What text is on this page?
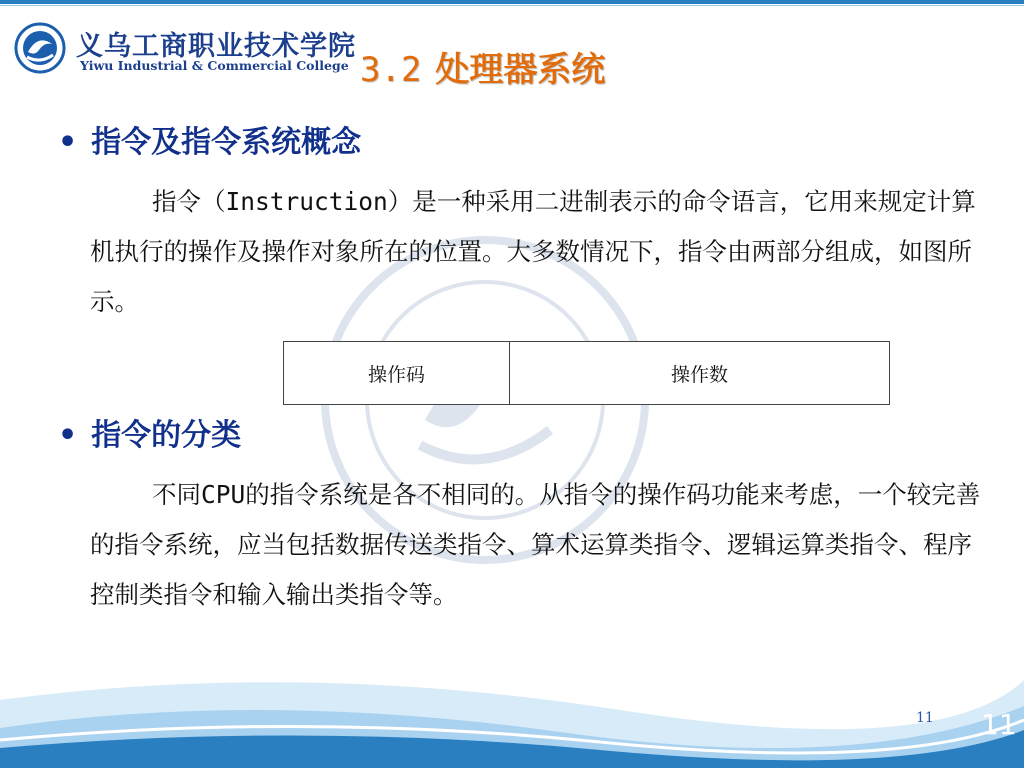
义乌工商职业技术学院
Yiwu Industrial & Commercial College 3.2 处理器系统
• 指令及指令系统概念
指令（Instruction）是一种采用二进制表示的命令语言，它用来规定计算机执行的操作及操作对象所在的位置。大多数情况下，指令由两部分组成，如图所示。
操作码	操作数
• 指令的分类
不同CPU的指令系统是各不相同的。从指令的操作码功能来考虑，一个较完善的指令系统，应当包括数据传送类指令、算术运算类指令、逻辑运算类指令、程序控制类指令和输入输出类指令等。
11 11
